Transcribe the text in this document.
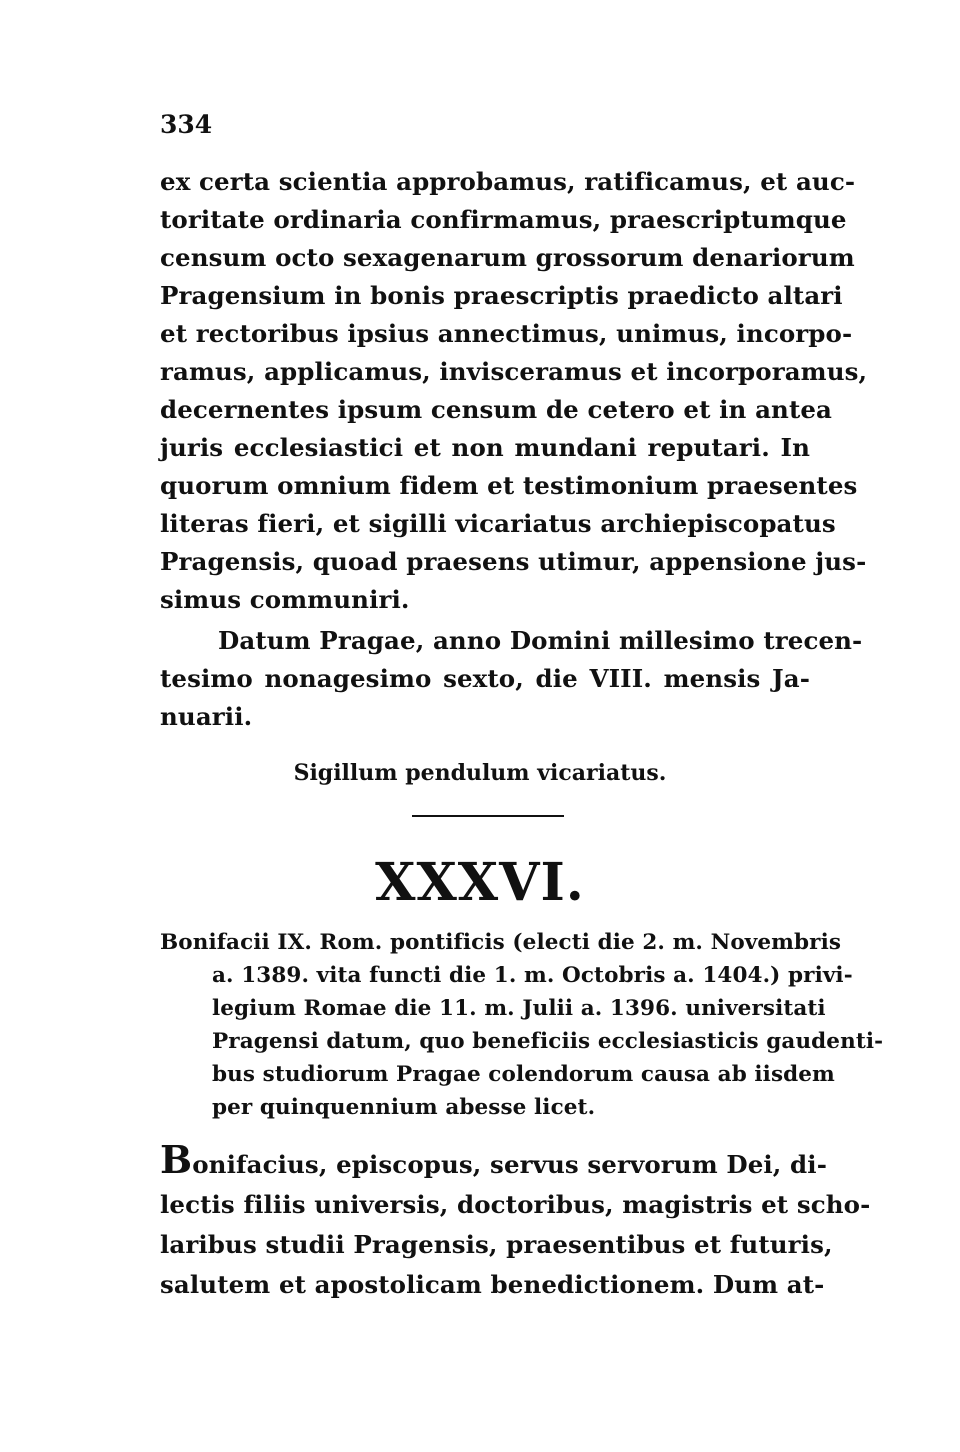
334
ex certa scientia approbamus, ratificamus, et auc-
toritate ordinaria confirmamus, praescriptumque
censum octo sexagenarum grossorum denariorum
Pragensium in bonis praescriptis praedicto altari
et rectoribus ipsius annectimus, unimus, incorpo-
ramus, applicamus, invisceramus et incorporamus,
decernentes ipsum censum de cetero et in antea
juris ecclesiastici et non mundani reputari. In
quorum omnium fidem et testimonium praesentes
literas fieri, et sigilli vicariatus archiepiscopatus
Pragensis, quoad praesens utimur, appensione jus-
simus communiri.
Datum Pragae, anno Domini millesimo trecen-
tesimo nonagesimo sexto, die VIII. mensis Ja-
nuarii.
Sigillum pendulum vicariatus.
XXXVI.
Bonifacii IX. Rom. pontificis (electi die 2. m. Novembris
a. 1389. vita functi die 1. m. Octobris a. 1404.) privi-
legium Romae die 11. m. Julii a. 1396. universitati
Pragensi datum, quo beneficiis ecclesiasticis gaudenti-
bus studiorum Pragae colendorum causa ab iisdem
per quinquennium abesse licet.
Bonifacius, episcopus, servus servorum Dei, di-
lectis filiis universis, doctoribus, magistris et scho-
laribus studii Pragensis, praesentibus et futuris,
salutem et apostolicam benedictionem. Dum at-
